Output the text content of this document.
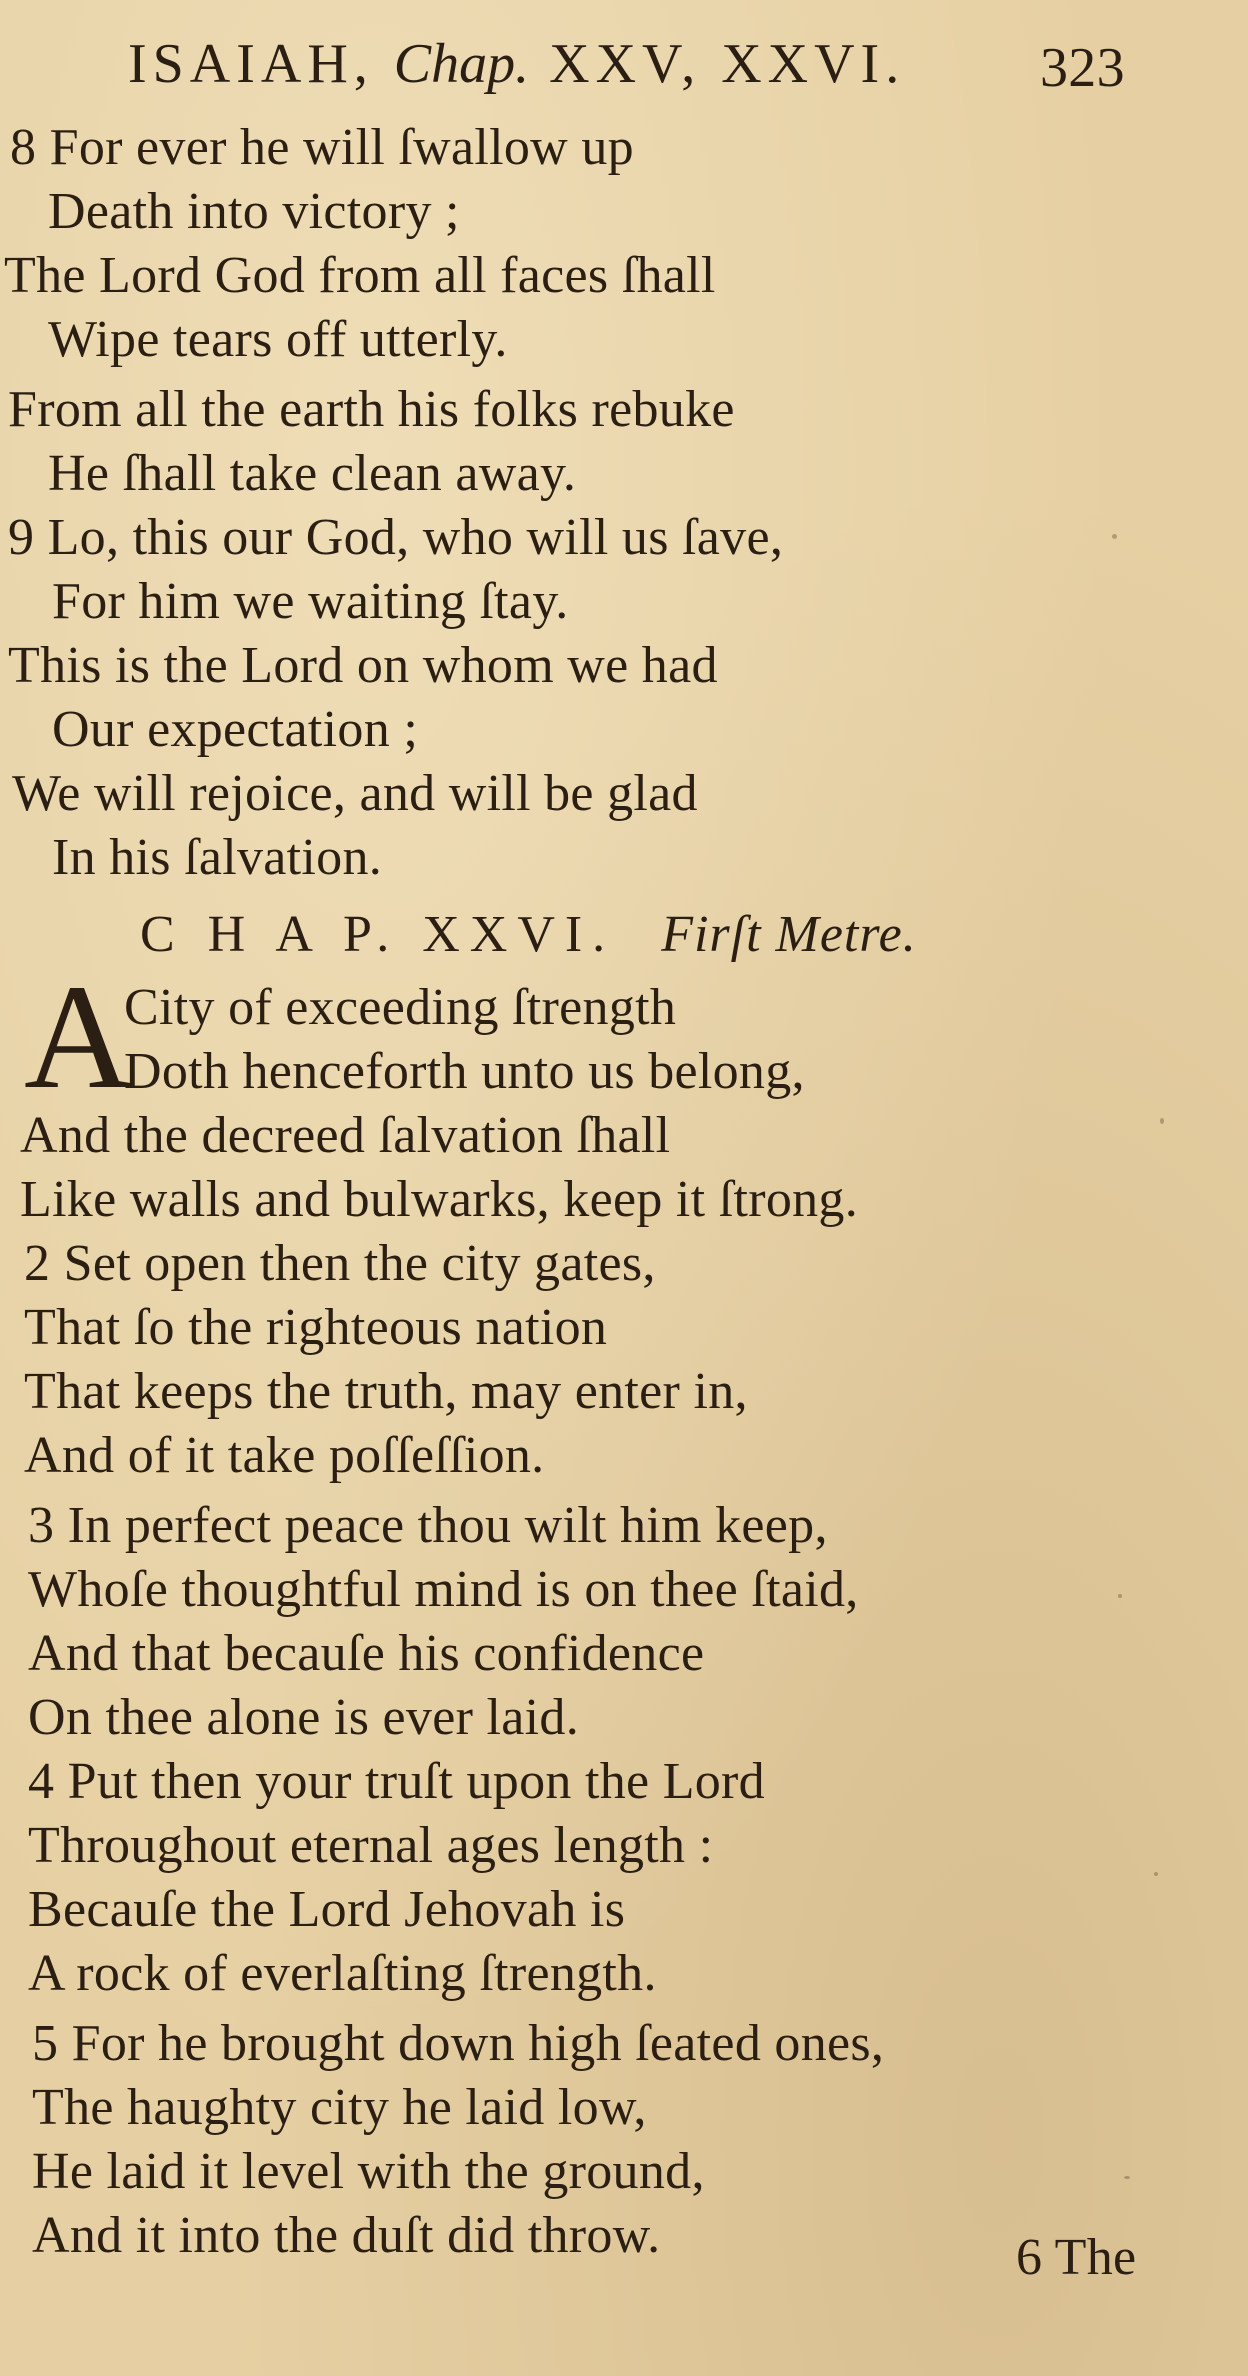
ISAIAH, Chap. XXV, XXVI. 323
8 For ever he will ſwallow up
Death into victory ;
The Lord God from all faces ſhall
Wipe tears off utterly.
From all the earth his folks rebuke
He ſhall take clean away.
9 Lo, this our God, who will us ſave,
For him we waiting ſtay.
This is the Lord on whom we had
Our expectation ;
We will rejoice, and will be glad
In his ſalvation.
C H A P. XXVI. Firſt Metre.
A
City of exceeding ſtrength
Doth henceforth unto us belong,
And the decreed ſalvation ſhall
Like walls and bulwarks, keep it ſtrong.
2 Set open then the city gates,
That ſo the righteous nation
That keeps the truth, may enter in,
And of it take poſſeſſion.
3 In perfect peace thou wilt him keep,
Whoſe thoughtful mind is on thee ſtaid,
And that becauſe his confidence
On thee alone is ever laid.
4 Put then your truſt upon the Lord
Throughout eternal ages length :
Becauſe the Lord Jehovah is
A rock of everlaſting ſtrength.
5 For he brought down high ſeated ones,
The haughty city he laid low,
He laid it level with the ground,
And it into the duſt did throw.	6 The
